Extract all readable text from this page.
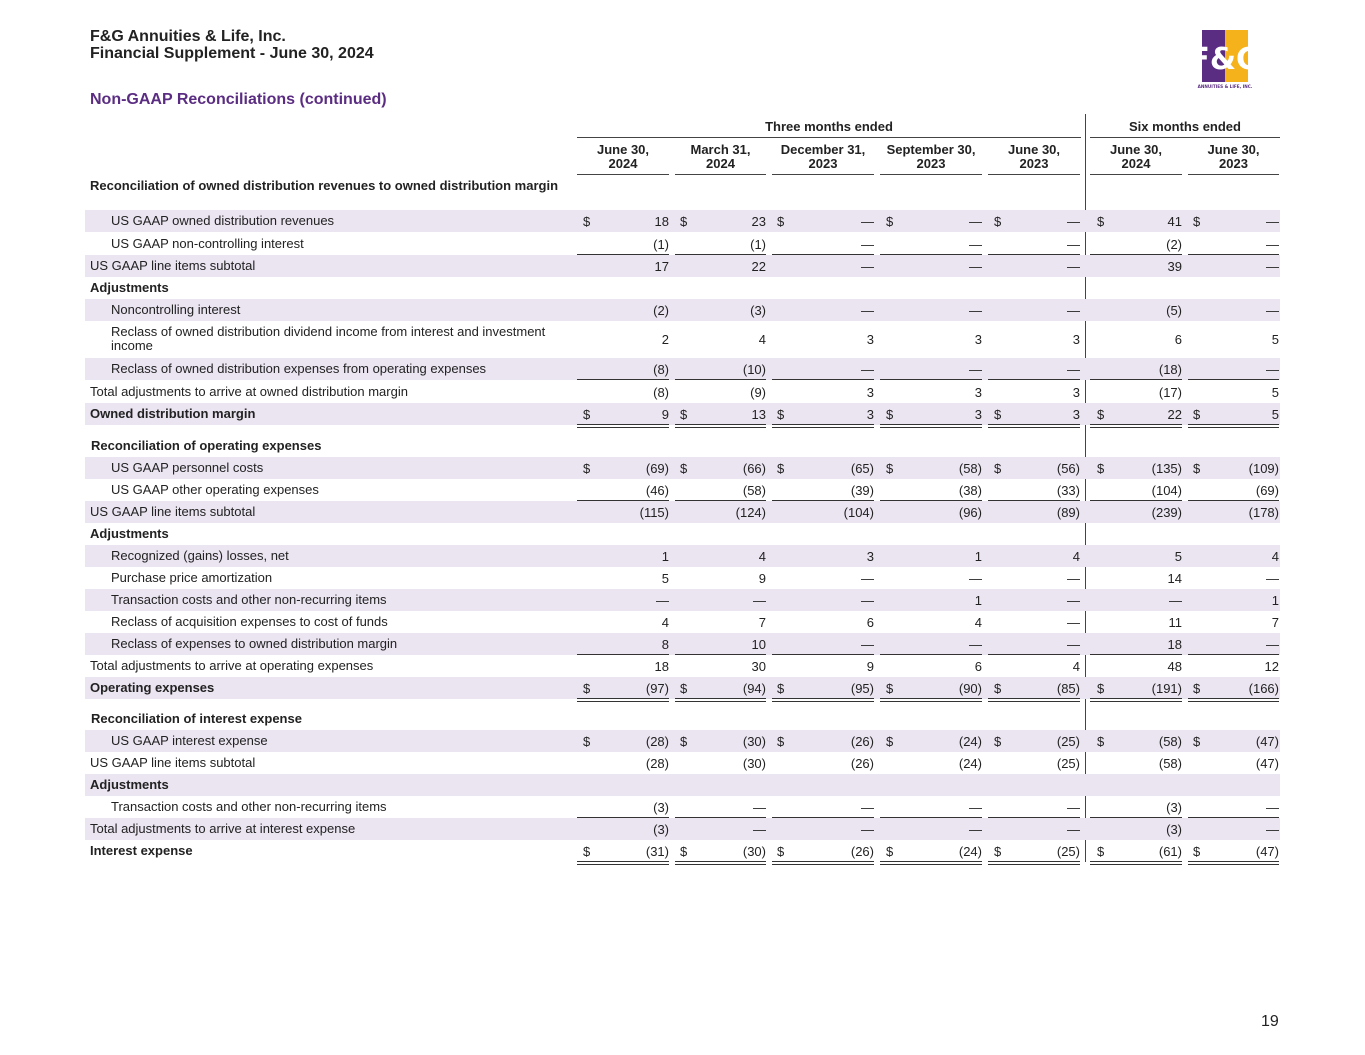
F&G Annuities & Life, Inc.
Financial Supplement - June 30, 2024
Non-GAAP Reconciliations (continued)
F&G
ANNUITIES & LIFE, INC.
Three months ended	Six months ended
June 30,
2024
March 31,
2024
December 31,
2023
September 30,
2023
June 30,
2023
June 30,
2024
June 30,
2023
Reconciliation of owned distribution revenues to owned distribution margin
US GAAP owned distribution revenues	$	18 $	23 $	— $	— $	— $	41 $	—
US GAAP non-controlling interest	(1)	(1)	—	—	—	(2)	—
US GAAP line items subtotal	17	22	—	—	—	39	—
Adjustments
Noncontrolling interest	(2)	(3)	—	—	—	(5)	—
Reclass of owned distribution dividend income from interest and investment income	2	4	3	3	3	6	5
Reclass of owned distribution expenses from operating expenses	(8)	(10)	—	—	—	(18)	—
Total adjustments to arrive at owned distribution margin	(8)	(9)	3	3	3	(17)	5
Owned distribution margin	$	9 $	13 $	3 $	3 $	3 $	22 $	5
Reconciliation of operating expenses
US GAAP personnel costs	$	(69) $	(66) $	(65) $	(58) $	(56) $	(135) $	(109)
US GAAP other operating expenses	(46)	(58)	(39)	(38)	(33)	(104)	(69)
US GAAP line items subtotal	(115)	(124)	(104)	(96)	(89)	(239)	(178)
Adjustments
Recognized (gains) losses, net	1	4	3	1	4	5	4
Purchase price amortization	5	9	—	—	—	14	—
Transaction costs and other non-recurring items	—	—	—	1	—	—	1
Reclass of acquisition expenses to cost of funds	4	7	6	4	—	11	7
Reclass of expenses to owned distribution margin	8	10	—	—	—	18	—
Total adjustments to arrive at operating expenses	18	30	9	6	4	48	12
Operating expenses	$	(97) $	(94) $	(95) $	(90) $	(85) $	(191) $	(166)
Reconciliation of interest expense
US GAAP interest expense	$	(28) $	(30) $	(26) $	(24) $	(25) $	(58) $	(47)
US GAAP line items subtotal	(28)	(30)	(26)	(24)	(25)	(58)	(47)
Adjustments
Transaction costs and other non-recurring items	(3)	—	—	—	—	(3)	—
Total adjustments to arrive at interest expense	(3)	—	—	—	—	(3)	—
Interest expense	$	(31) $	(30) $	(26) $	(24) $	(25) $	(61) $	(47)
19
